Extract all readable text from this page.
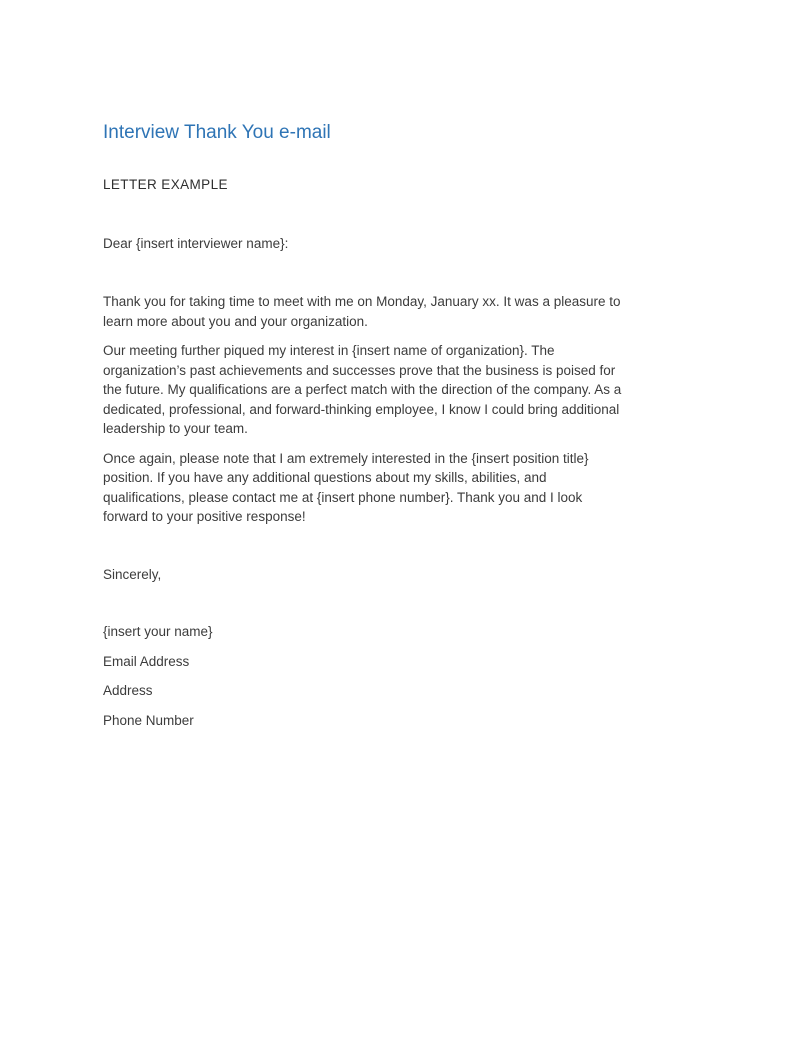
Interview Thank You e-mail
LETTER EXAMPLE
Dear {insert interviewer name}:
Thank you for taking time to meet with me on Monday, January xx. It was a pleasure to
learn more about you and your organization.
Our meeting further piqued my interest in {insert name of organization}. The
organization’s past achievements and successes prove that the business is poised for
the future. My qualifications are a perfect match with the direction of the company. As a
dedicated, professional, and forward-thinking employee, I know I could bring additional
leadership to your team.
Once again, please note that I am extremely interested in the {insert position title}
position. If you have any additional questions about my skills, abilities, and
qualifications, please contact me at {insert phone number}. Thank you and I look
forward to your positive response!
Sincerely,
{insert your name}
Email Address
Address
Phone Number
